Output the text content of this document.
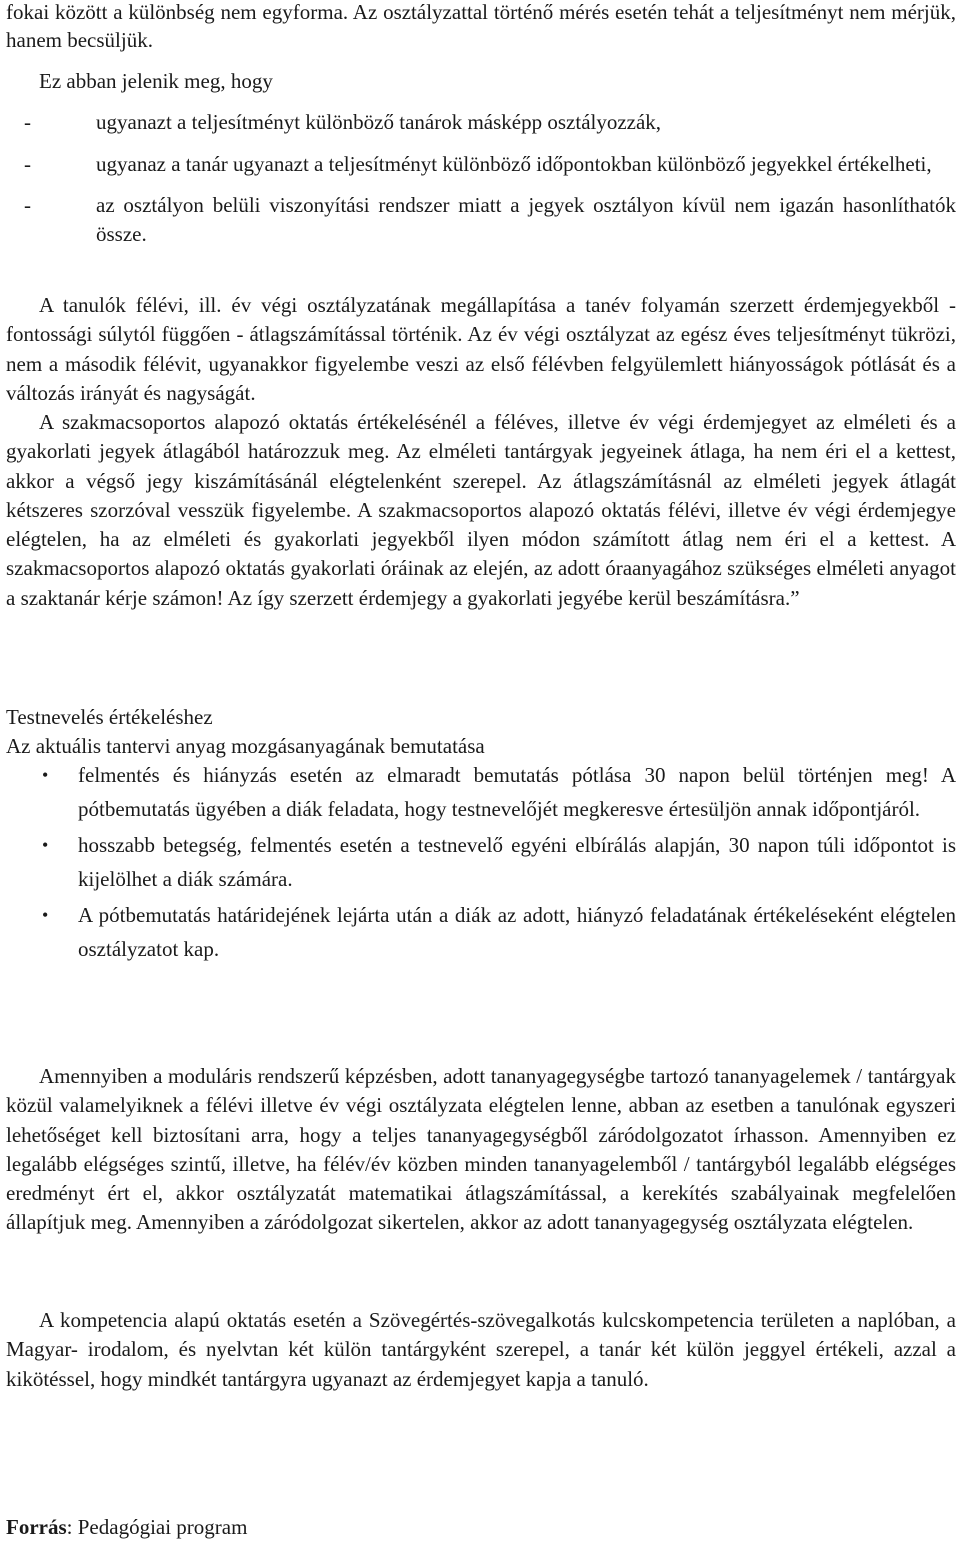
fokai között a különbség nem egyforma. Az osztályzattal történő mérés esetén tehát a teljesítményt nem mérjük, hanem becsüljük.

Ez abban jelenik meg, hogy

-	ugyanazt a teljesítményt különböző tanárok másképp osztályozzák,

-	ugyanaz a tanár ugyanazt a teljesítményt különböző időpontokban különböző jegyekkel értékelheti,

-	az osztályon belüli viszonyítási rendszer miatt a jegyek osztályon kívül nem igazán hasonlíthatók össze.

A tanulók félévi, ill. év végi osztályzatának megállapítása a tanév folyamán szerzett érdemjegyekből - fontossági súlytól függően - átlagszámítással történik. Az év végi osztályzat az egész éves teljesítményt tükrözi, nem a második félévit, ugyanakkor figyelembe veszi az első félévben felgyülemlett hiányosságok pótlását és a változás irányát és nagyságát.

A szakmacsoportos alapozó oktatás értékelésénél a féléves, illetve év végi érdemjegyet az elméleti és a gyakorlati jegyek átlagából határozzuk meg. Az elméleti tantárgyak jegyeinek átlaga, ha nem éri el a kettest, akkor a végső jegy kiszámításánál elégtelenként szerepel. Az átlagszámításnál az elméleti jegyek átlagát kétszeres szorzóval vesszük figyelembe. A szakmacsoportos alapozó oktatás félévi, illetve év végi érdemjegye elégtelen, ha az elméleti és gyakorlati jegyekből ilyen módon számított átlag nem éri el a kettest. A szakmacsoportos alapozó oktatás gyakorlati óráinak az elején, az adott óraanyagához szükséges elméleti anyagot a szaktanár kérje számon! Az így szerzett érdemjegy a gyakorlati jegyébe kerül beszámításra.”

Testnevelés értékeléshez

Az aktuális tantervi anyag mozgásanyagának bemutatása

• felmentés és hiányzás esetén az elmaradt bemutatás pótlása 30 napon belül történjen meg! A pótbemutatás ügyében a diák feladata, hogy testnevelőjét megkeresve értesüljön annak időpontjáról.

• hosszabb betegség, felmentés esetén a testnevelő egyéni elbírálás alapján, 30 napon túli időpontot is kijelölhet a diák számára.

• A pótbemutatás határidejének lejárta után a diák az adott, hiányzó feladatának értékeléseként elégtelen osztályzatot kap.

Amennyiben a moduláris rendszerű képzésben, adott tananyagegységbe tartozó tananyagelemek / tantárgyak közül valamelyiknek a félévi illetve év végi osztályzata elégtelen lenne, abban az esetben a tanulónak egyszeri lehetőséget kell biztosítani arra, hogy a teljes tananyagegységből záródolgozatot írhasson. Amennyiben ez legalább elégséges szintű, illetve, ha félév/év közben minden tananyagelemből / tantárgyból legalább elégséges eredményt ért el, akkor osztályzatát matematikai átlagszámítással, a kerekítés szabályainak megfelelően állapítjuk meg. Amennyiben a záródolgozat sikertelen, akkor az adott tananyagegység osztályzata elégtelen.

A kompetencia alapú oktatás esetén a Szövegértés-szövegalkotás kulcskompetencia területen a naplóban, a Magyar- irodalom, és nyelvtan két külön tantárgyként szerepel, a tanár két külön jeggyel értékeli, azzal a kikötéssel, hogy mindkét tantárgyra ugyanazt az érdemjegyet kapja a tanuló.

Forrás: Pedagógiai program
